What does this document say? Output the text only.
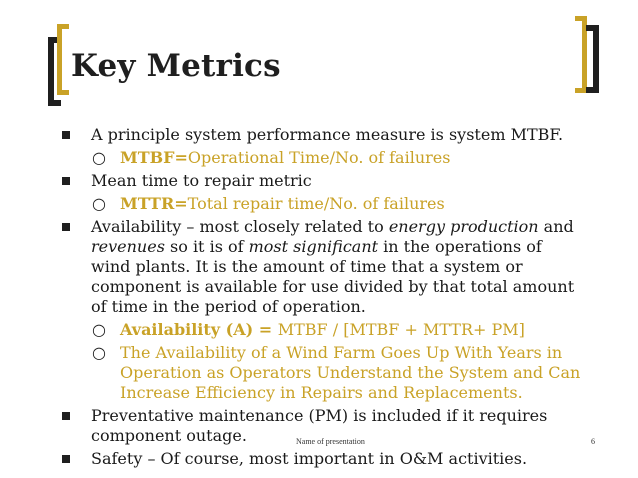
Key Metrics
A principle system performance measure is system MTBF.
○ MTBF=Operational Time/No. of failures
Mean time to repair metric
○ MTTR=Total repair time/No. of failures
Availability – most closely related to energy production and revenues so it is of most significant in the operations of wind plants. It is the amount of time that a system or component is available for use divided by that total amount of time in the period of operation.
○ Availability (A) = MTBF / [MTBF + MTTR+ PM]
○ The Availability of a Wind Farm Goes Up With Years in Operation as Operators Understand the System and Can Increase Efficiency in Repairs and Replacements.
Preventative maintenance (PM) is included if it requires component outage.
Safety – Of course, most important in O&M activities.
Name of presentation	6
